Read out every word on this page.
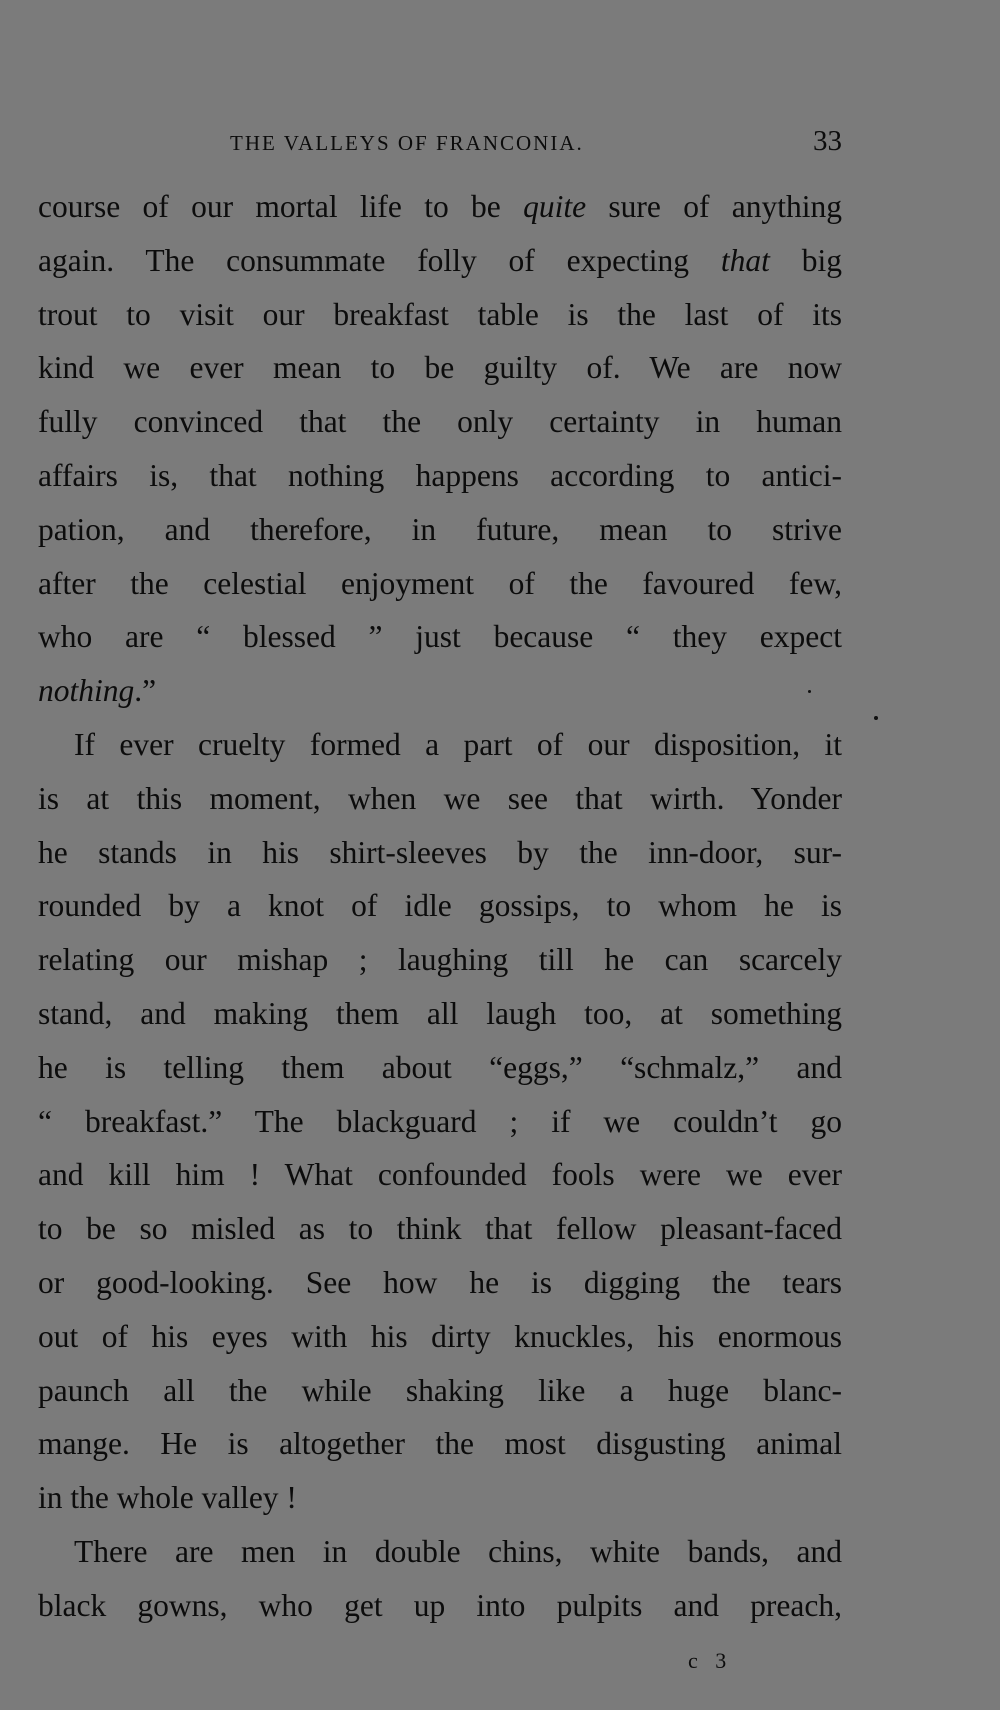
THE VALLEYS OF FRANCONIA.	33
course of our mortal life to be quite sure of anything
again. The consummate folly of expecting that big
trout to visit our breakfast table is the last of its
kind we ever mean to be guilty of. We are now
fully convinced that the only certainty in human
affairs is, that nothing happens according to antici-
pation, and therefore, in future, mean to strive
after the celestial enjoyment of the favoured few,
who are “ blessed ” just because “ they expect
nothing.”
If ever cruelty formed a part of our disposition, it
is at this moment, when we see that wirth. Yonder
he stands in his shirt-sleeves by the inn-door, sur-
rounded by a knot of idle gossips, to whom he is
relating our mishap ; laughing till he can scarcely
stand, and making them all laugh too, at something
he is telling them about “eggs,” “schmalz,” and
“ breakfast.” The blackguard ; if we couldn’t go
and kill him ! What confounded fools were we ever
to be so misled as to think that fellow pleasant-faced
or good-looking. See how he is digging the tears
out of his eyes with his dirty knuckles, his enormous
paunch all the while shaking like a huge blanc-
mange. He is altogether the most disgusting animal
in the whole valley !
There are men in double chins, white bands, and
black gowns, who get up into pulpits and preach,
c 3
